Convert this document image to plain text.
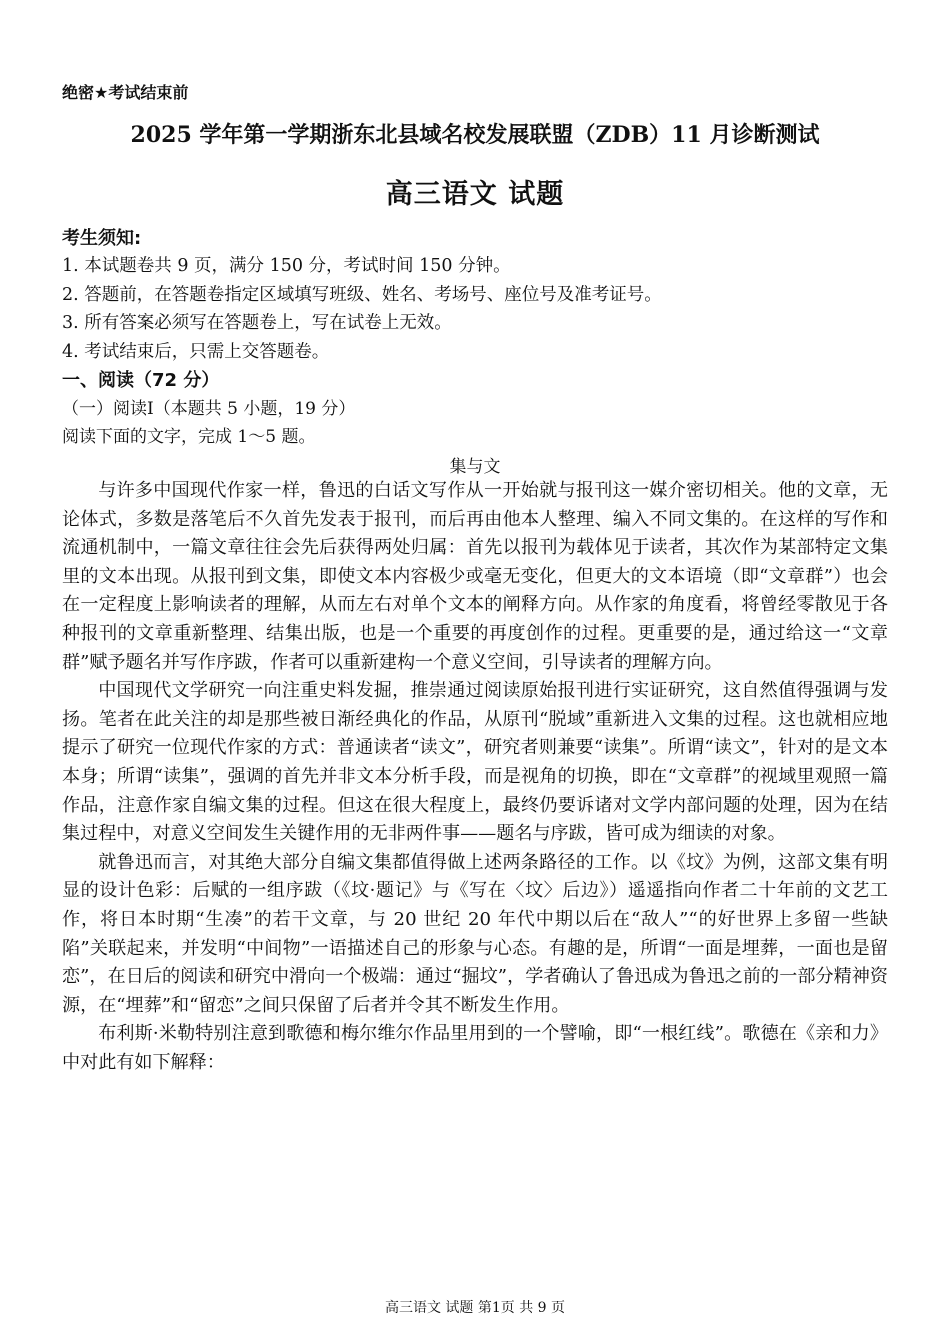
绝密★考试结束前
2025 学年第一学期浙东北县域名校发展联盟（ZDB）11 月诊断测试
高三语文 试题
考生须知:
1. 本试题卷共 9 页，满分 150 分，考试时间 150 分钟。
2. 答题前，在答题卷指定区域填写班级、姓名、考场号、座位号及准考证号。
3. 所有答案必须写在答题卷上，写在试卷上无效。
4. 考试结束后，只需上交答题卷。
一、阅读（72 分）
（一）阅读Ⅰ（本题共 5 小题，19 分）
阅读下面的文字，完成 1～5 题。
集与文

与许多中国现代作家一样，鲁迅的白话文写作从一开始就与报刊这一媒介密切相关。他的文章，无论体式，多数是落笔后不久首先发表于报刊，而后再由他本人整理、编入不同文集的。在这样的写作和流通机制中，一篇文章往往会先后获得两处归属：首先以报刊为载体见于读者，其次作为某部特定文集里的文本出现。从报刊到文集，即使文本内容极少或毫无变化，但更大的文本语境（即“文章群”）也会在一定程度上影响读者的理解，从而左右对单个文本的阐释方向。从作家的角度看，将曾经零散见于各种报刊的文章重新整理、结集出版，也是一个重要的再度创作的过程。更重要的是，通过给这一“文章群”赋予题名并写作序跋，作者可以重新建构一个意义空间，引导读者的理解方向。

中国现代文学研究一向注重史料发掘，推崇通过阅读原始报刊进行实证研究，这自然值得强调与发扬。笔者在此关注的却是那些被日渐经典化的作品，从原刊“脱域”重新进入文集的过程。这也就相应地提示了研究一位现代作家的方式：普通读者“读文”，研究者则兼要“读集”。所谓“读文”，针对的是文本本身；所谓“读集”，强调的首先并非文本分析手段，而是视角的切换，即在“文章群”的视域里观照一篇作品，注意作家自编文集的过程。但这在很大程度上，最终仍要诉诸对文学内部问题的处理，因为在结集过程中，对意义空间发生关键作用的无非两件事——题名与序跋，皆可成为细读的对象。

就鲁迅而言，对其绝大部分自编文集都值得做上述两条路径的工作。以《坟》为例，这部文集有明显的设计色彩：后赋的一组序跋（《坟·题记》与《写在〈坟〉后边》）遥遥指向作者二十年前的文艺工作，将日本时期“生凑”的若干文章，与 20 世纪 20 年代中期以后在“敌人”“的好世界上多留一些缺陷”关联起来，并发明“中间物”一语描述自己的形象与心态。有趣的是，所谓“一面是埋葬，一面也是留恋”，在日后的阅读和研究中滑向一个极端：通过“掘坟”，学者确认了鲁迅成为鲁迅之前的一部分精神资源，在“埋葬”和“留恋”之间只保留了后者并令其不断发生作用。

布利斯·米勒特别注意到歌德和梅尔维尔作品里用到的一个譬喻，即“一根红线”。歌德在《亲和力》中对此有如下解释：

高三语文 试题 第1页 共 9 页
